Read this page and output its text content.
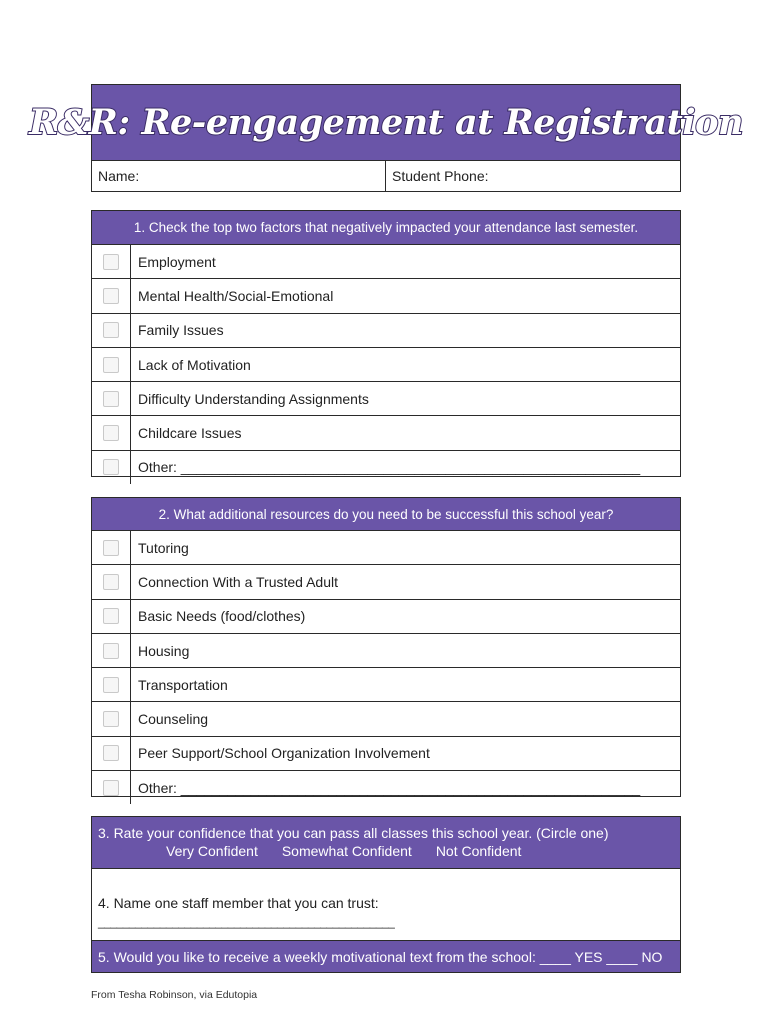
R&R: Re-engagement at Registration
Name:	Student Phone:
1. Check the top two factors that negatively impacted your attendance last semester.
Employment
Mental Health/Social-Emotional
Family Issues
Lack of Motivation
Difficulty Understanding Assignments
Childcare Issues
Other: ___________________________________________________________
2. What additional resources do you need to be successful this school year?
Tutoring
Connection With a Trusted Adult
Basic Needs (food/clothes)
Housing
Transportation
Counseling
Peer Support/School Organization Involvement
Other: ___________________________________________________________
3. Rate your confidence that you can pass all classes this school year. (Circle one)
Very Confident Somewhat Confident Not Confident
4. Name one staff member that you can trust:
________________________________________________
5. Would you like to receive a weekly motivational text from the school: ____ YES ____ NO
From Tesha Robinson, via Edutopia
